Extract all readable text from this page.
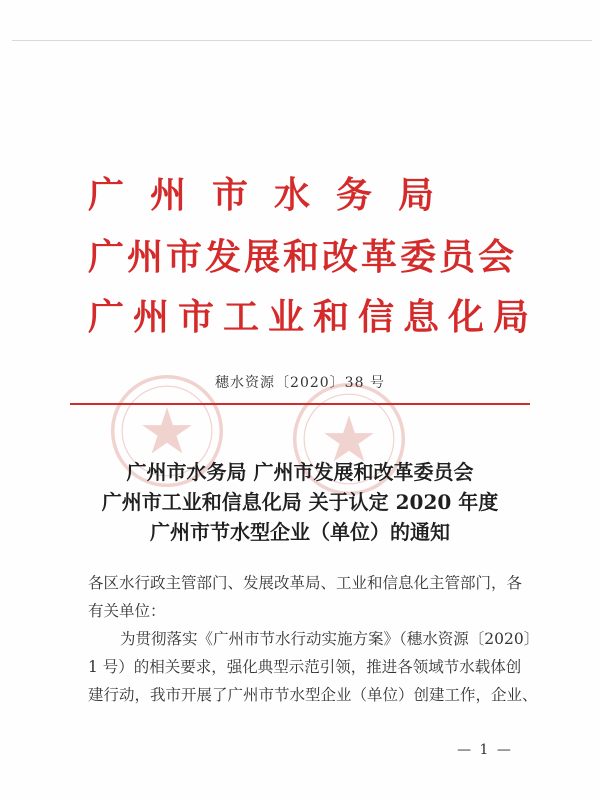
广州市水务局
广州市发展和改革委员会
广州市工业和信息化局
穗水资源〔2020〕38 号
广州市水务局 广州市发展和改革委员会
广州市工业和信息化局 关于认定 2020 年度
广州市节水型企业（单位）的通知
各区水行政主管部门、发展改革局、工业和信息化主管部门，各
有关单位：
为贯彻落实《广州市节水行动实施方案》（穗水资源〔2020〕
1 号）的相关要求，强化典型示范引领，推进各领域节水载体创
建行动，我市开展了广州市节水型企业（单位）创建工作，企业、
— 1 —
